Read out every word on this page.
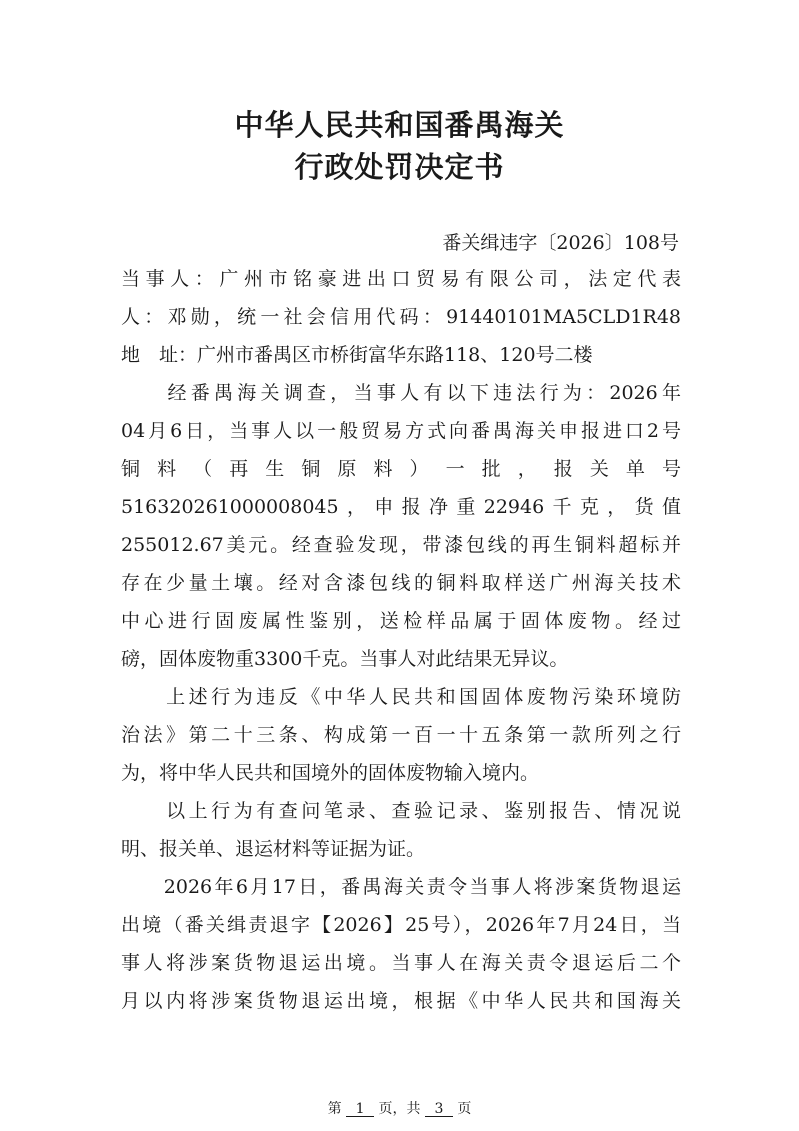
中华人民共和国番禺海关
行政处罚决定书
番关缉违字〔2026〕108号
当事人：广州市铭豪进出口贸易有限公司，法定代表
人：邓勋，统一社会信用代码：91440101MA5CLD1R48
地　址：广州市番禺区市桥街富华东路118、120号二楼
　　经番禺海关调查，当事人有以下违法行为：2026年
04月6日，当事人以一般贸易方式向番禺海关申报进口2号
铜料（再生铜原料）一批，报关单号
516320261000008045，申报净重22946千克，货值
255012.67美元。经查验发现，带漆包线的再生铜料超标并
存在少量土壤。经对含漆包线的铜料取样送广州海关技术
中心进行固废属性鉴别，送检样品属于固体废物。经过
磅，固体废物重3300千克。当事人对此结果无异议。
　　上述行为违反《中华人民共和国固体废物污染环境防
治法》第二十三条、构成第一百一十五条第一款所列之行
为，将中华人民共和国境外的固体废物输入境内。
　　以上行为有查问笔录、查验记录、鉴别报告、情况说
明、报关单、退运材料等证据为证。
　　2026年6月17日，番禺海关责令当事人将涉案货物退运
出境（番关缉责退字【2026】25号），2026年7月24日，当
事人将涉案货物退运出境。当事人在海关责令退运后二个
月以内将涉案货物退运出境，根据《中华人民共和国海关
第 1 页，共 3 页
